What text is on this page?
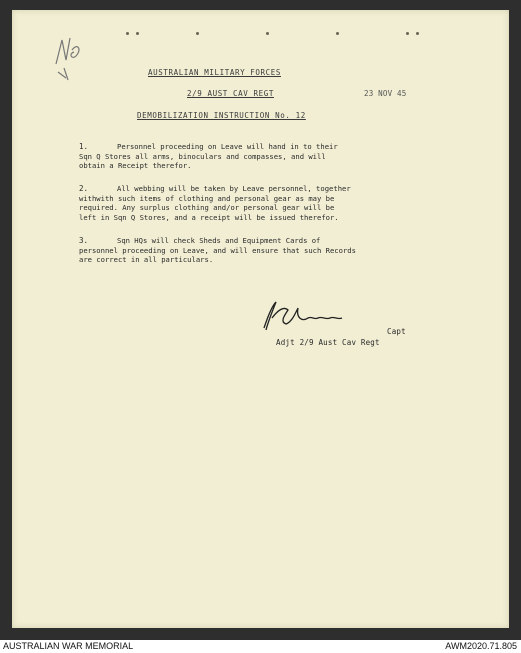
AUSTRALIAN MILITARY FORCES
2/9 AUST CAV REGT	23 NOV 45
DEMOBILIZATION INSTRUCTION No. 12
1.	Personnel proceeding on Leave will hand in to their
Sqn Q Stores all arms, binoculars and compasses, and will
obtain a Receipt therefor.
2.	All webbing will be taken by Leave personnel, together
withwith such items of clothing and personal gear as may be
required. Any surplus clothing and/or personal gear will be
left in Sqn Q Stores, and a receipt will be issued therefor.
3.	Sqn HQs will check Sheds and Equipment Cards of
personnel proceeding on Leave, and will ensure that such Records
are correct in all particulars.
Capt
Adjt 2/9 Aust Cav Regt
AUSTRALIAN WAR MEMORIAL	AWM2020.71.805
